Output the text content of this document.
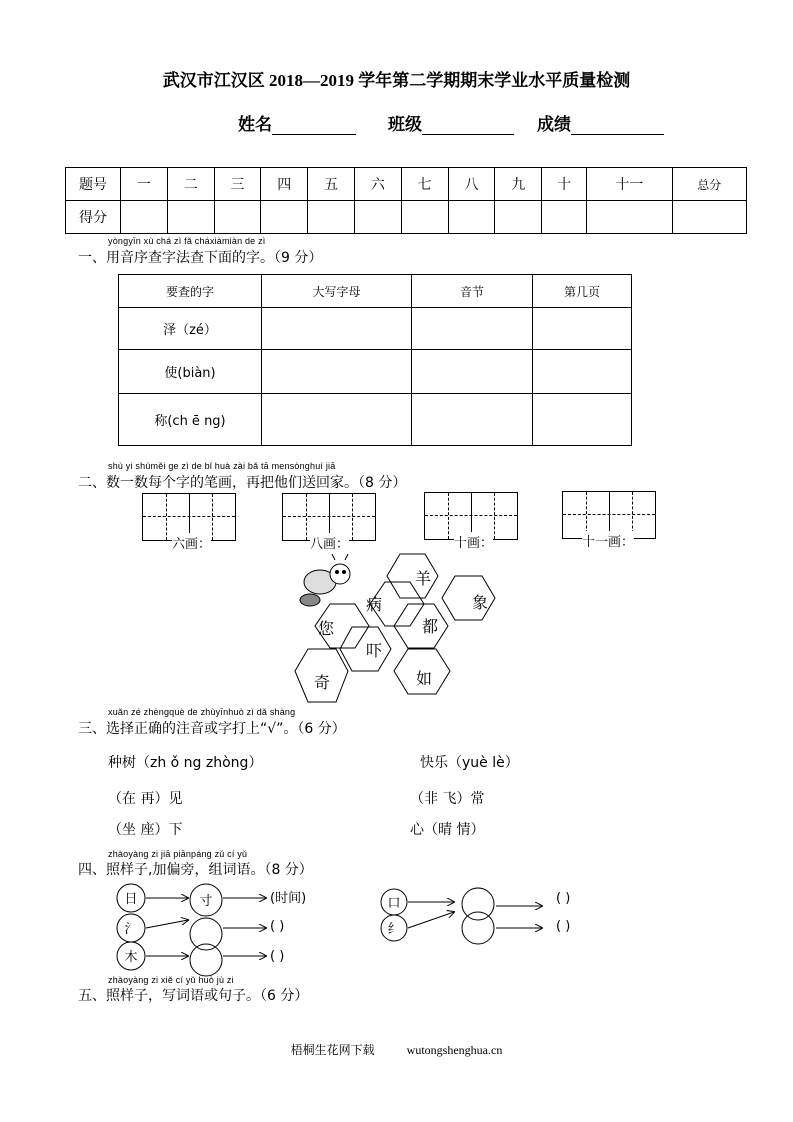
武汉市江汉区 2018—2019 学年第二学期期末学业水平质量检测
姓名	班级	成绩
题号	一	二	三	四	五	六	七	八	九	十	十一	总分
得分												
yòngyīn xù chá zì fǎ cháxiàmiàn de zì
一、用音序查字法查下面的字。（9 分）
要查的字	大写字母	音节	第几页
泽（zé）			
使(biàn)			
称(ch ē ng)			
shù yi shùměi ge zì de bǐ huà zài bǎ tā mensònghuí jiā
二、数一数每个字的笔画，再把他们送回家。（8 分）
六画：	八画：	十画：	十一画：
羊
病	象
您	都
吓
奇	如
xuǎn zé zhèngquè de zhùyīnhuò zì dǎ shàng
三、选择正确的注音或字打上“√”。（6 分）
种树（zh ǒ ng zhòng）	快乐（yuè lè）
（在 再）见	（非 飞）常
（坐 座）下	心（晴 情）
zhàoyàng zi jiā piānpáng zǔ cí yǔ
四、照样子,加偏旁，组词语。（8 分）
日
氵
木
寸	口
纟
(时间)
( )
( )
( )
( )
zhàoyàng zi xiě cí yǔ huò jù zi
五、照样子，写词语或句子。（6 分）
梧桐生花网下载	wutongshenghua.cn
